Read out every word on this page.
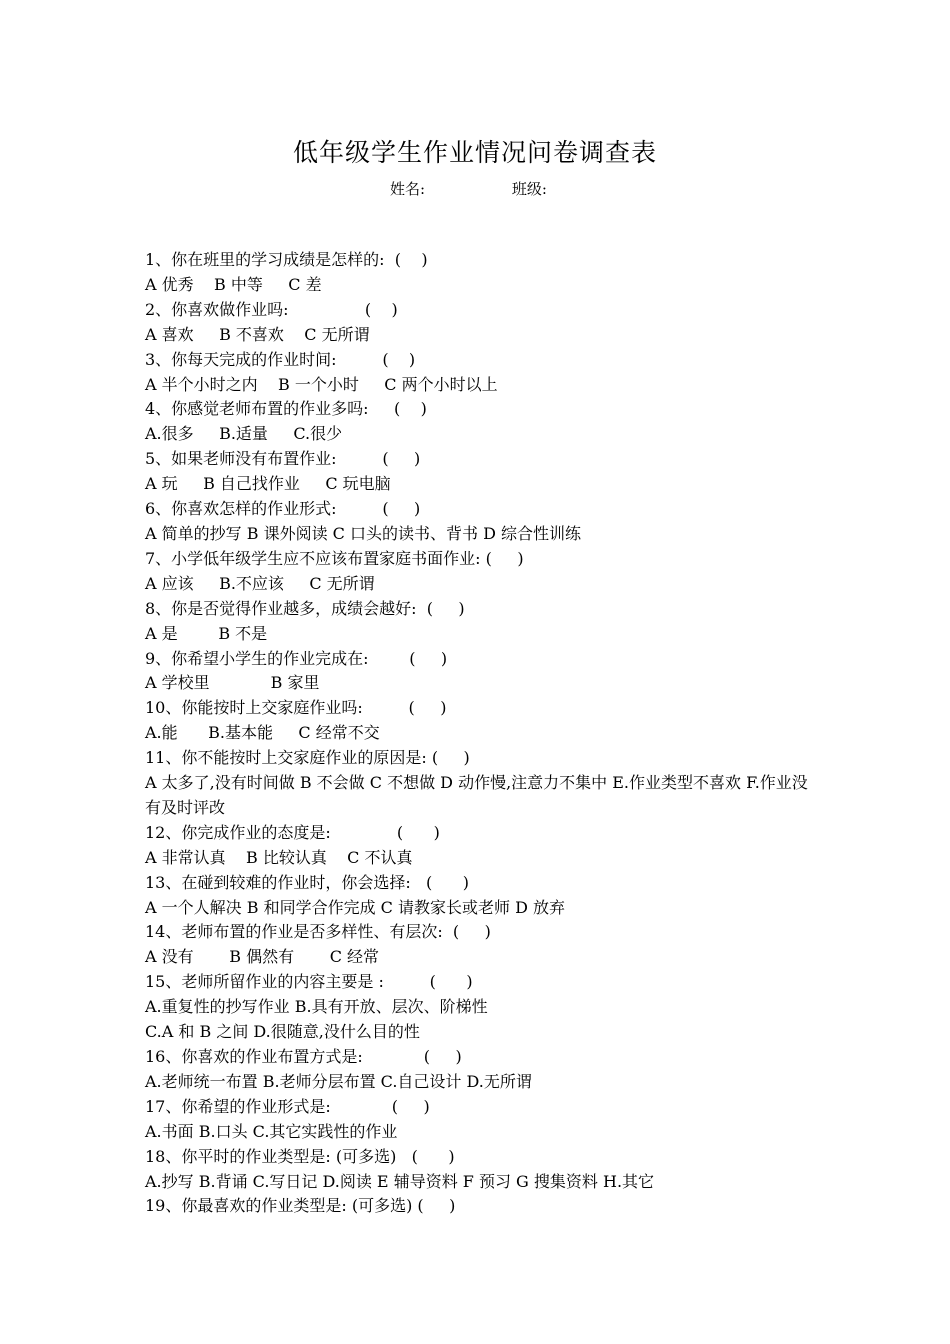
低年级学生作业情况问卷调查表
姓名:	班级:
1、你在班里的学习成绩是怎样的:  (    )
A 优秀    B 中等     C 差
2、你喜欢做作业吗:               (    )
A 喜欢     B 不喜欢    C 无所谓
3、你每天完成的作业时间:         (    )
A 半个小时之内    B 一个小时     C 两个小时以上
4、你感觉老师布置的作业多吗:     (    )
A.很多     B.适量     C.很少
5、如果老师没有布置作业:         (     )
A 玩     B 自己找作业     C 玩电脑
6、你喜欢怎样的作业形式:         (     )
A 简单的抄写 B 课外阅读 C 口头的读书、背书 D 综合性训练
7、小学低年级学生应不应该布置家庭书面作业: (     )
A 应该     B.不应该     C 无所谓
8、你是否觉得作业越多，成绩会越好:  (     )
A 是        B 不是
9、你希望小学生的作业完成在:        (     )
A 学校里            B 家里
10、你能按时上交家庭作业吗:         (     )
A.能      B.基本能     C 经常不交
11、你不能按时上交家庭作业的原因是: (     )
A 太多了,没有时间做 B 不会做 C 不想做 D 动作慢,注意力不集中 E.作业类型不喜欢 F.作业没有及时评改
12、你完成作业的态度是:             (      )
A 非常认真    B 比较认真    C 不认真
13、在碰到较难的作业时，你会选择:   (      )
A 一个人解决 B 和同学合作完成 C 请教家长或老师 D 放弃
14、老师布置的作业是否多样性、有层次:  (     )
A 没有       B 偶然有       C 经常
15、老师所留作业的内容主要是 :         (      )
A.重复性的抄写作业 B.具有开放、层次、阶梯性
C.A 和 B 之间 D.很随意,没什么目的性
16、你喜欢的作业布置方式是:            (     )
A.老师统一布置 B.老师分层布置 C.自己设计 D.无所谓
17、你希望的作业形式是:            (     )
A.书面 B.口头 C.其它实践性的作业
18、你平时的作业类型是: (可多选)   (      )
A.抄写 B.背诵 C.写日记 D.阅读 E 辅导资料 F 预习 G 搜集资料 H.其它
19、你最喜欢的作业类型是: (可多选) (     )
